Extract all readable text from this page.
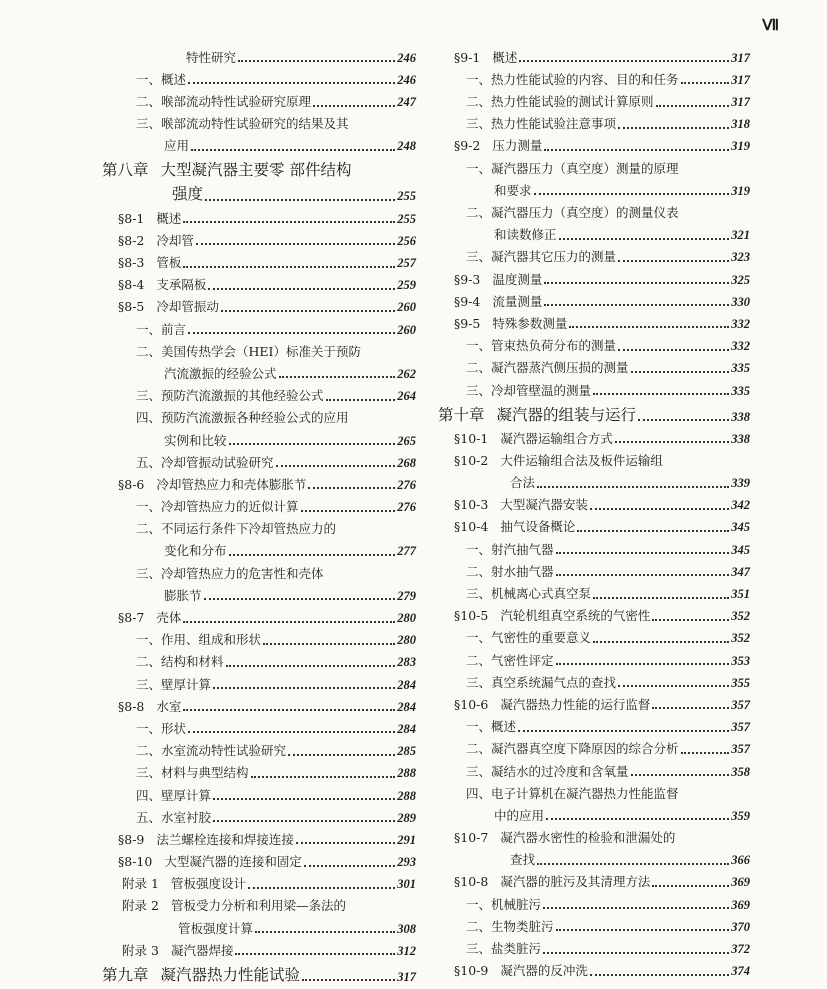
Ⅶ
特性研究	246
一、 概述	246
二、 喉部流动特性试验研究原理	247
三、 喉部流动特性试验研究的结果及其
应用	248
第八章 大型凝汽器主要零 部件结构
强度	255
§8-1 概述	255
§8-2 冷却管	256
§8-3 管板	257
§8-4 支承隔板	259
§8-5 冷却管振动	260
一、 前言	260
二、 美国传热学会（HEI）标准关于预防
汽流激振的经验公式	262
三、 预防汽流激振的其他经验公式	264
四、 预防汽流激振各种经验公式的应用
实例和比较	265
五、 冷却管振动试验研究	268
§8-6 冷却管热应力和壳体膨胀节	276
一、 冷却管热应力的近似计算	276
二、 不同运行条件下冷却管热应力的
变化和分布	277
三、 冷却管热应力的危害性和壳体
膨胀节	279
§8-7 壳体	280
一、 作用、组成和形状	280
二、 结构和材料	283
三、 壁厚计算	284
§8-8 水室	284
一、 形状	284
二、 水室流动特性试验研究	285
三、 材料与典型结构	288
四、 壁厚计算	288
五、 水室衬胶	289
§8-9 法兰螺栓连接和焊接连接	291
§8-10 大型凝汽器的连接和固定	293
附录 1 管板强度设计	301
附录 2 管板受力分析和利用梁—条法的
管板强度计算	308
附录 3 凝汽器焊接	312
第九章 凝汽器热力性能试验	317
§9-1 概述	317
一、 热力性能试验的内容、目的和任务	317
二、 热力性能试验的测试计算原则	317
三、 热力性能试验注意事项	318
§9-2 压力测量	319
一、 凝汽器压力（真空度）测量的原理
和要求	319
二、 凝汽器压力（真空度）的测量仪表
和读数修正	321
三、 凝汽器其它压力的测量	323
§9-3 温度测量	325
§9-4 流量测量	330
§9-5 特殊参数测量	332
一、 管束热负荷分布的测量	332
二、 凝汽器蒸汽侧压损的测量	335
三、 冷却管壁温的测量	335
第十章 凝汽器的组装与运行	338
§10-1 凝汽器运输组合方式	338
§10-2 大件运输组合法及板件运输组
合法	339
§10-3 大型凝汽器安装	342
§10-4 抽气设备概论	345
一、 射汽抽气器	345
二、 射水抽气器	347
三、 机械离心式真空泵	351
§10-5 汽轮机组真空系统的气密性	352
一、 气密性的重要意义	352
二、 气密性评定	353
三、 真空系统漏气点的查找	355
§10-6 凝汽器热力性能的运行监督	357
一、 概述	357
二、 凝汽器真空度下降原因的综合分析	357
三、 凝结水的过冷度和含氧量	358
四、 电子计算机在凝汽器热力性能监督
中的应用	359
§10-7 凝汽器水密性的检验和泄漏处的
查找	366
§10-8 凝汽器的脏污及其清理方法	369
一、 机械脏污	369
二、 生物类脏污	370
三、 盐类脏污	372
§10-9 凝汽器的反冲洗	374
